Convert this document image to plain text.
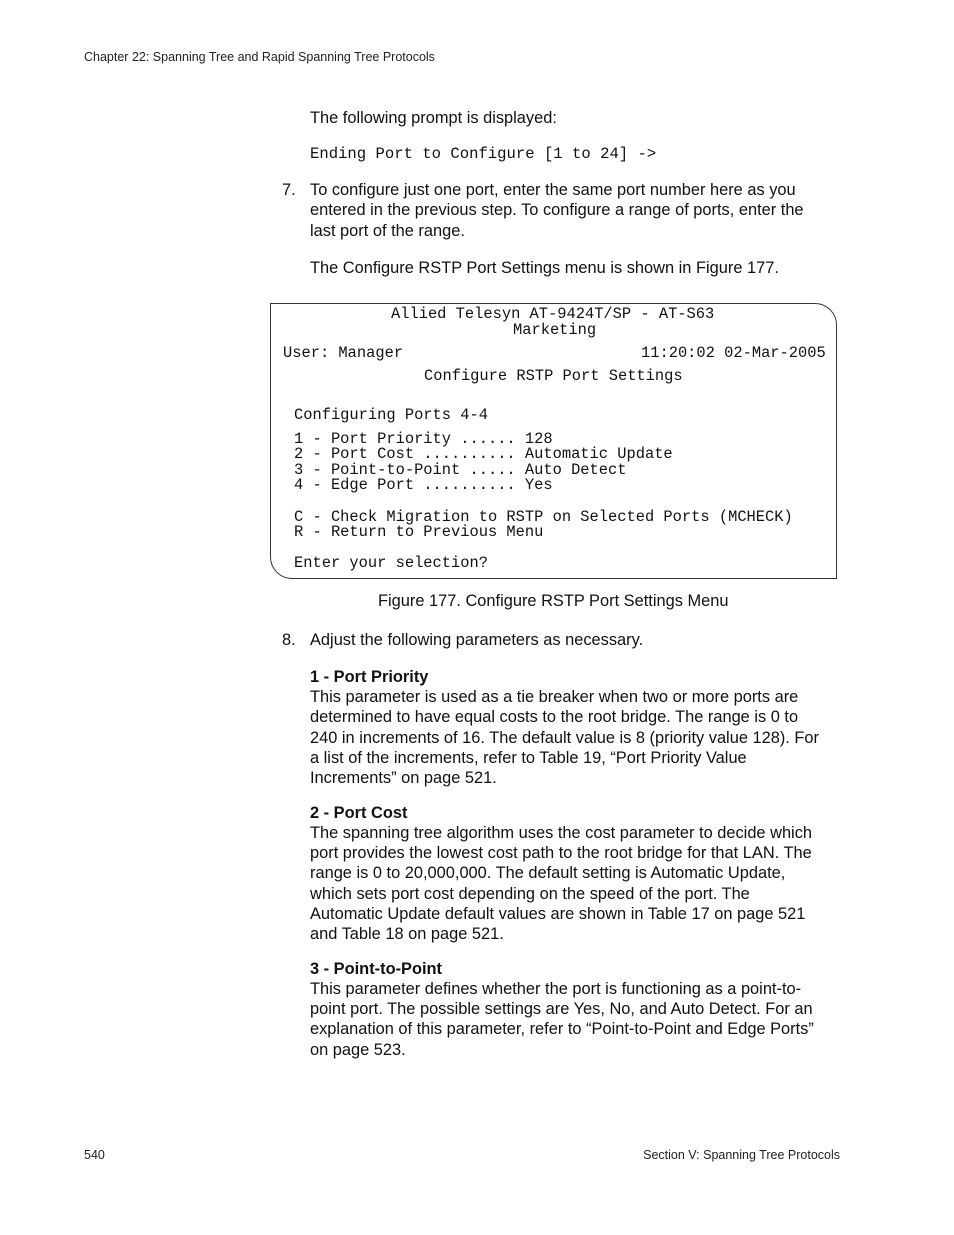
Chapter 22: Spanning Tree and Rapid Spanning Tree Protocols
The following prompt is displayed:
Ending Port to Configure [1 to 24] ->
7. To configure just one port, enter the same port number here as you
entered in the previous step. To configure a range of ports, enter the
last port of the range.
The Configure RSTP Port Settings menu is shown in Figure 177.
Allied Telesyn AT-9424T/SP - AT-S63
Marketing
User: Manager	11:20:02 02-Mar-2005
Configure RSTP Port Settings
Configuring Ports 4-4
1 - Port Priority ...... 128
2 - Port Cost .......... Automatic Update
3 - Point-to-Point ..... Auto Detect
4 - Edge Port .......... Yes
C - Check Migration to RSTP on Selected Ports (MCHECK)
R - Return to Previous Menu
Enter your selection?
Figure 177. Configure RSTP Port Settings Menu
8. Adjust the following parameters as necessary.
1 - Port Priority
This parameter is used as a tie breaker when two or more ports are
determined to have equal costs to the root bridge. The range is 0 to
240 in increments of 16. The default value is 8 (priority value 128). For
a list of the increments, refer to Table 19, “Port Priority Value
Increments” on page 521.
2 - Port Cost
The spanning tree algorithm uses the cost parameter to decide which
port provides the lowest cost path to the root bridge for that LAN. The
range is 0 to 20,000,000. The default setting is Automatic Update,
which sets port cost depending on the speed of the port. The
Automatic Update default values are shown in Table 17 on page 521
and Table 18 on page 521.
3 - Point-to-Point
This parameter defines whether the port is functioning as a point-to-
point port. The possible settings are Yes, No, and Auto Detect. For an
explanation of this parameter, refer to “Point-to-Point and Edge Ports”
on page 523.
540	Section V: Spanning Tree Protocols
